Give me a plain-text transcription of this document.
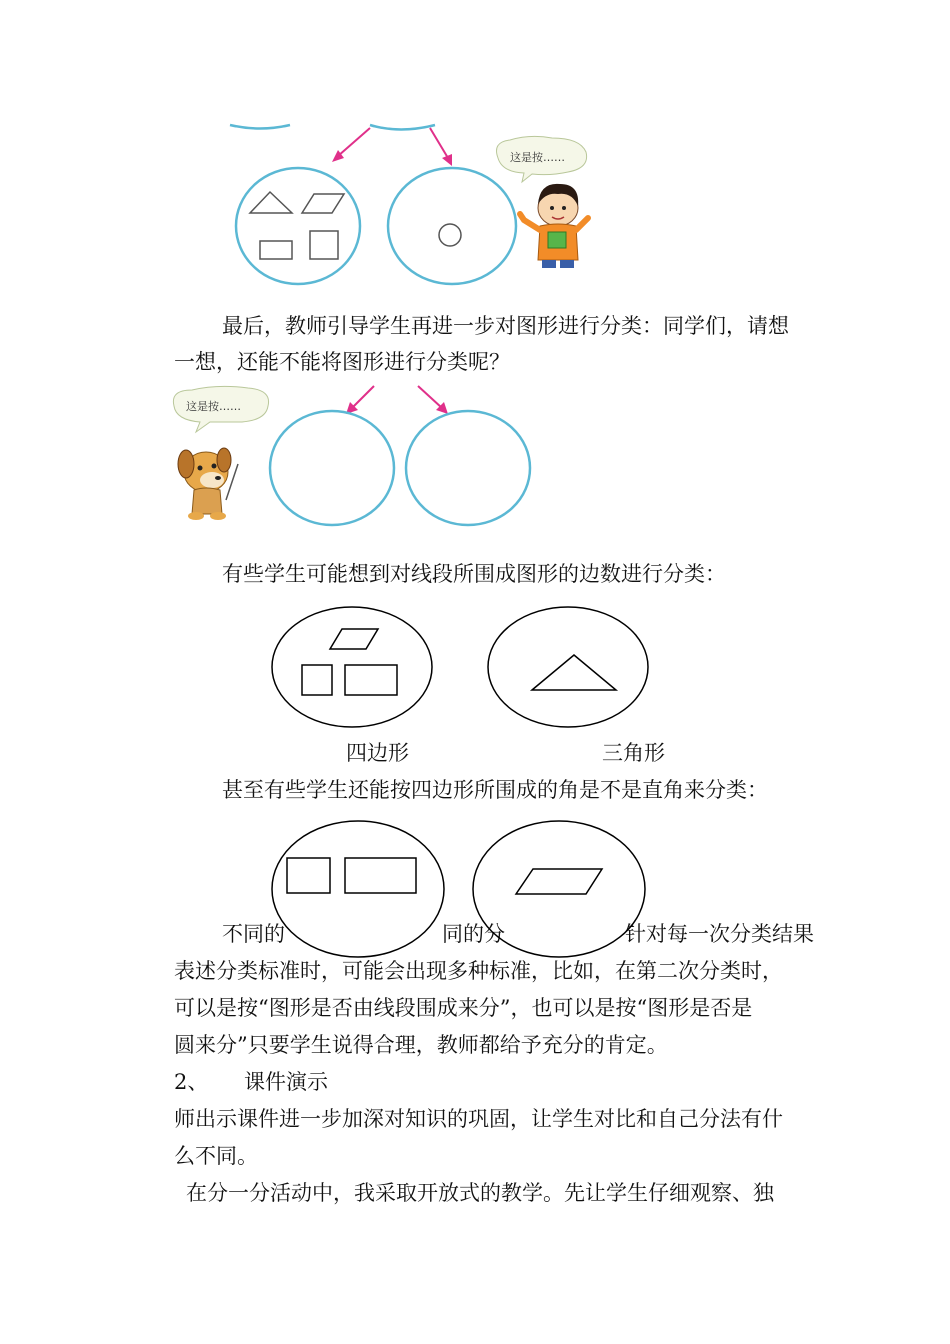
这是按……
最后，教师引导学生再进一步对图形进行分类：同学们，请想
一想，还能不能将图形进行分类呢？
这是按……
有些学生可能想到对线段所围成图形的边数进行分类：
四边形	三角形
甚至有些学生还能按四边形所围成的角是不是直角来分类：
不同的	同的分	针对每一次分类结果
表述分类标准时，可能会出现多种标准，比如，在第二次分类时，
可以是按“图形是否由线段围成来分”，也可以是按“图形是否是
圆来分”只要学生说得合理，教师都给予充分的肯定。
2、 课件演示
师出示课件进一步加深对知识的巩固，让学生对比和自己分法有什
么不同。
在分一分活动中，我采取开放式的教学。先让学生仔细观察、独
